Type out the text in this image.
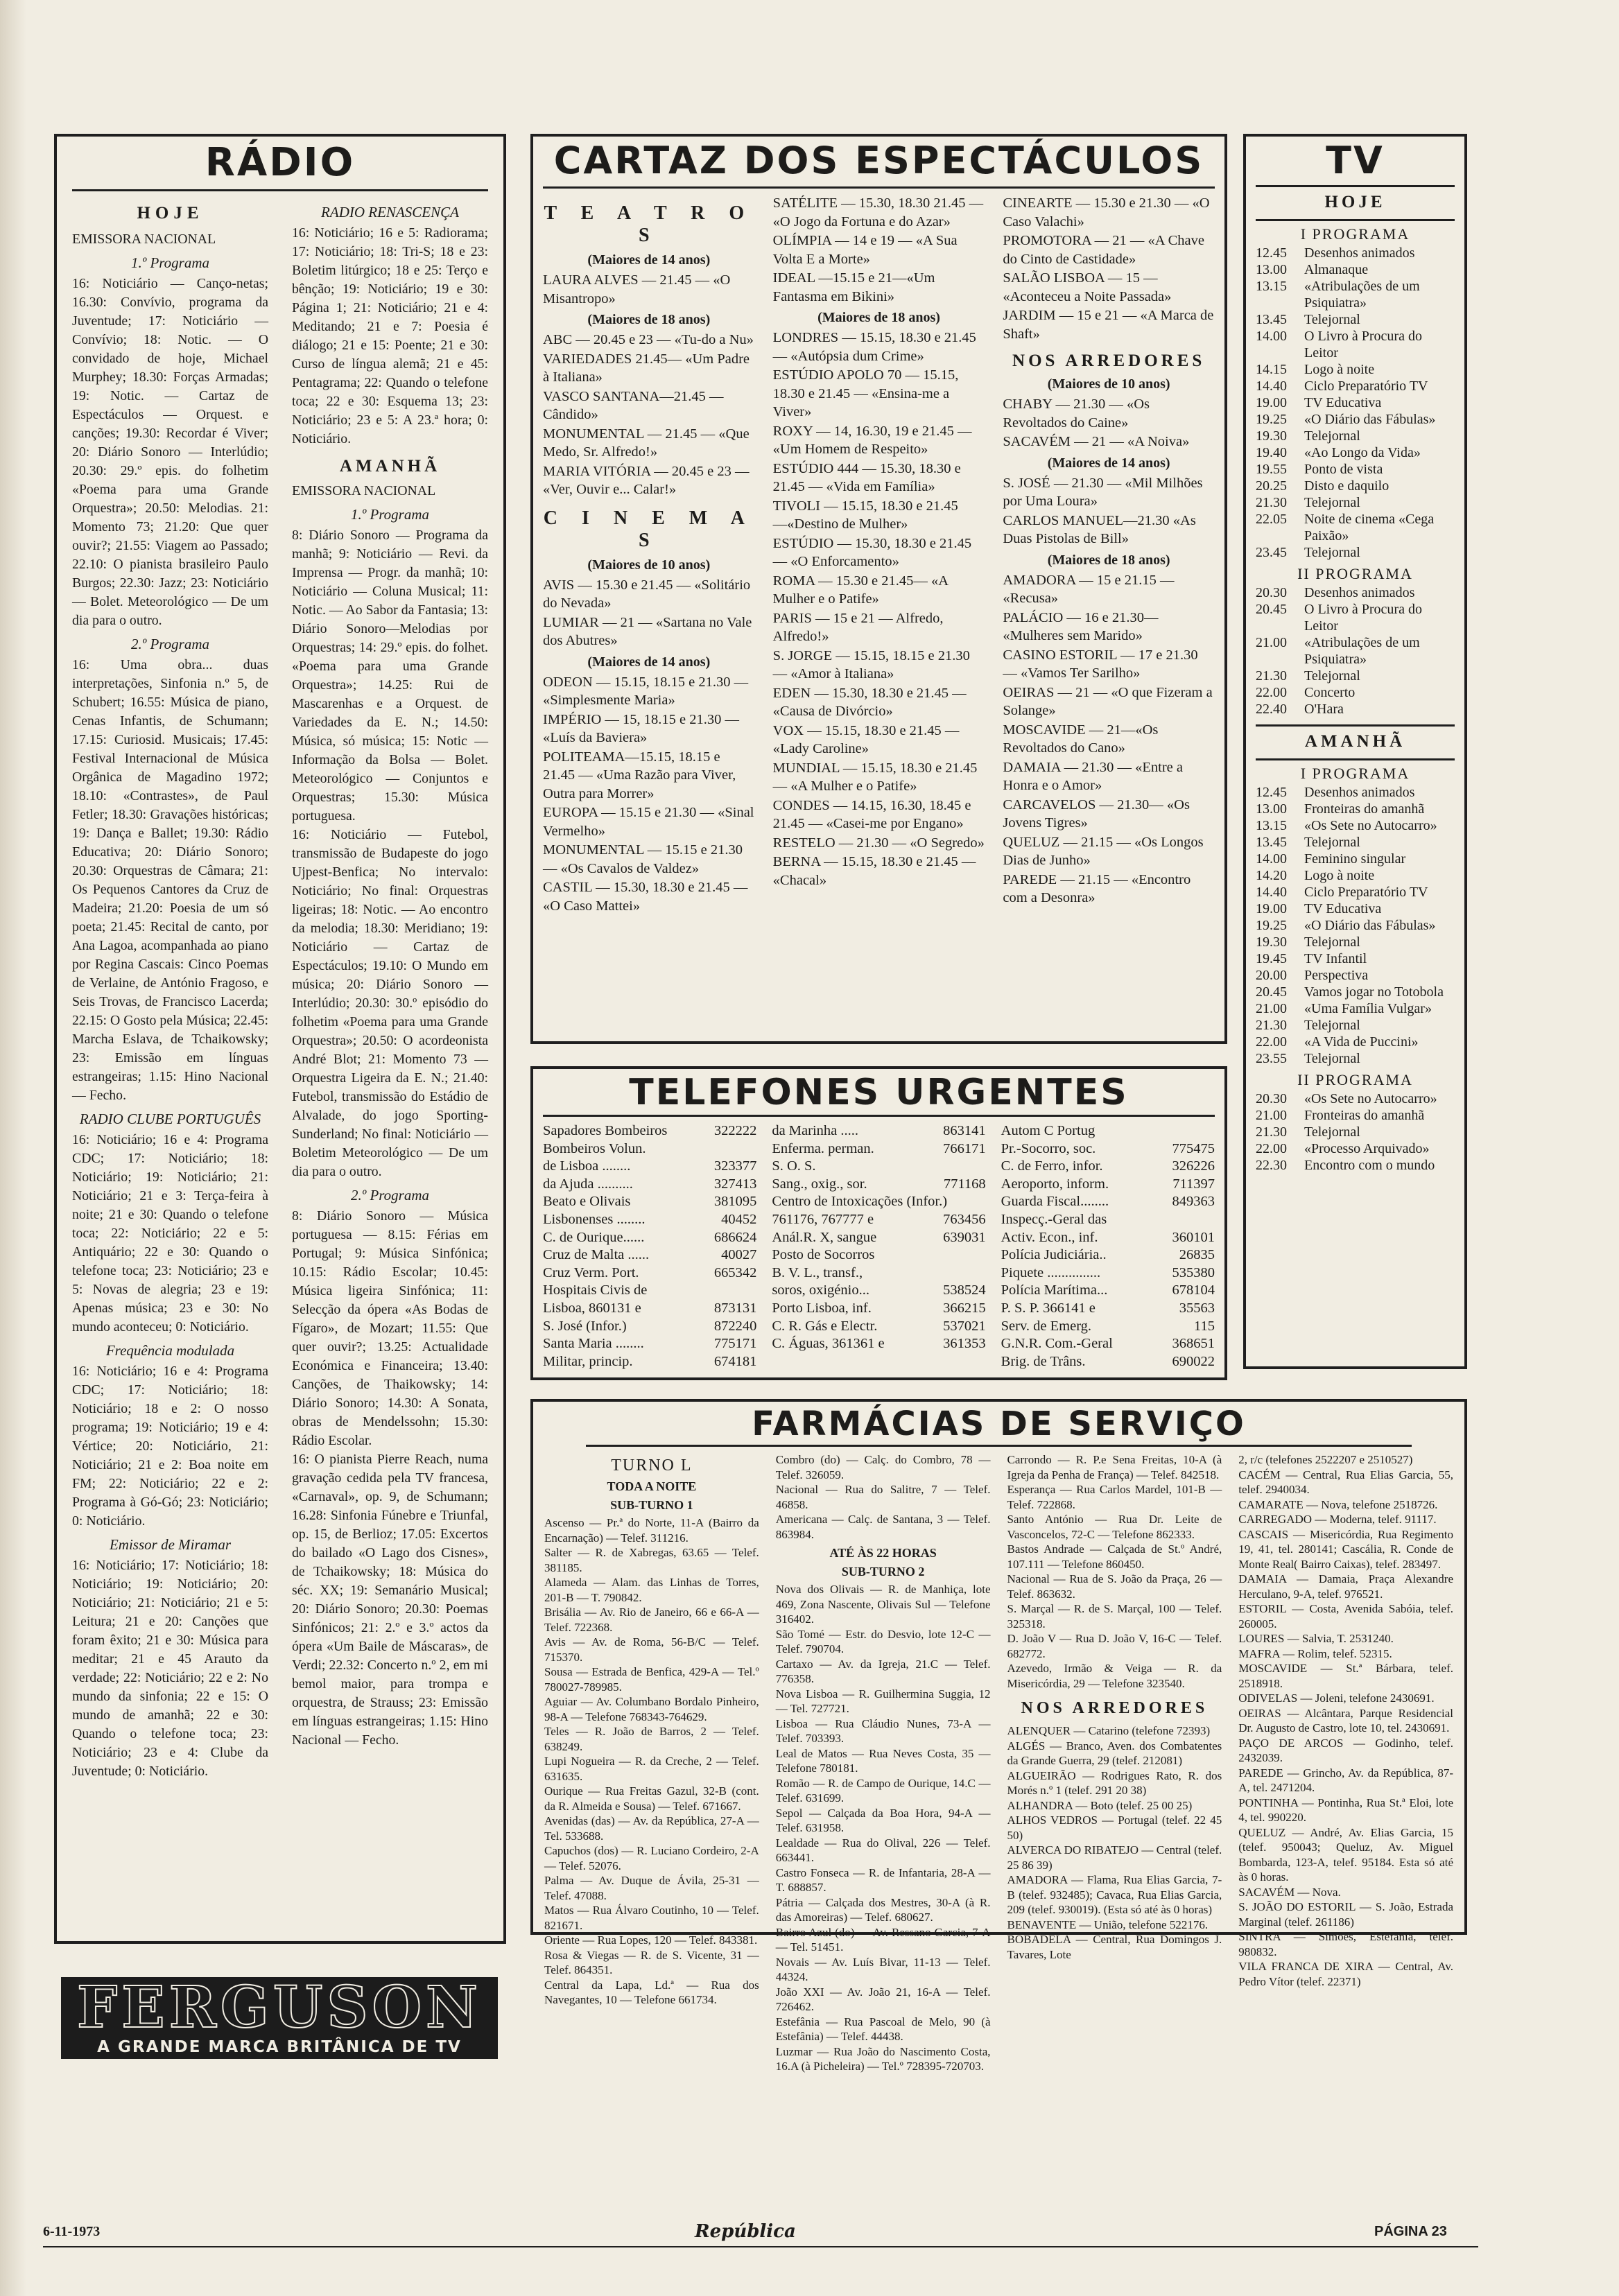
RÁDIO
HOJE
EMISSORA NACIONAL
1.º Programa
16: Noticiário — Canço-netas; 16.30: Convívio, programa da Juventude; 17: Noticiário — Convívio; 18: Notic. — O convidado de hoje, Michael Murphey; 18.30: Forças Armadas; 19: Notic. — Cartaz de Espectáculos — Orquest. e canções; 19.30: Recordar é Viver; 20: Diário Sonoro — Interlúdio; 20.30: 29.º epis. do folhetim «Poema para uma Grande Orquestra»; 20.50: Melodias. 21: Momento 73; 21.20: Que quer ouvir?; 21.55: Viagem ao Passado; 22.10: O pianista brasileiro Paulo Burgos; 22.30: Jazz; 23: Noticiário — Bolet. Meteorológico — De um dia para o outro.
2.º Programa
16: Uma obra... duas interpretações, Sinfonia n.º 5, de Schubert; 16.55: Música de piano, Cenas Infantis, de Schumann; 17.15: Curiosid. Musicais; 17.45: Festival Internacional de Música Orgânica de Magadino 1972; 18.10: «Contrastes», de Paul Fetler; 18.30: Gravações históricas; 19: Dança e Ballet; 19.30: Rádio Educativa; 20: Diário Sonoro; 20.30: Orquestras de Câmara; 21: Os Pequenos Cantores da Cruz de Madeira; 21.20: Poesia de um só poeta; 21.45: Recital de canto, por Ana Lagoa, acompanhada ao piano por Regina Cascais: Cinco Poemas de Verlaine, de António Fragoso, e Seis Trovas, de Francisco Lacerda; 22.15: O Gosto pela Música; 22.45: Marcha Eslava, de Tchaikowsky; 23: Emissão em línguas estrangeiras; 1.15: Hino Nacional — Fecho.
RADIO CLUBE PORTUGUÊS
16: Noticiário; 16 e 4: Programa CDC; 17: Noticiário; 18: Noticiário; 19: Noticiário; 21: Noticiário; 21 e 3: Terça-feira à noite; 21 e 30: Quando o telefone toca; 22: Noticiário; 22 e 5: Antiquário; 22 e 30: Quando o telefone toca; 23: Noticiário; 23 e 5: Novas de alegria; 23 e 19: Apenas música; 23 e 30: No mundo aconteceu; 0: Noticiário.
Frequência modulada
16: Noticiário; 16 e 4: Programa CDC; 17: Noticiário; 18: Noticiário; 18 e 2: O nosso programa; 19: Noticiário; 19 e 4: Vértice; 20: Noticiário, 21: Noticiário; 21 e 2: Boa noite em FM; 22: Noticiário; 22 e 2: Programa à Gó-Gó; 23: Noticiário; 0: Noticiário.
Emissor de Miramar
16: Noticiário; 17: Noticiário; 18: Noticiário; 19: Noticiário; 20: Noticiário; 21: Noticiário; 21 e 5: Leitura; 21 e 20: Canções que foram êxito; 21 e 30: Música para meditar; 21 e 45 Arauto da verdade; 22: Noticiário; 22 e 2: No mundo da sinfonia; 22 e 15: O mundo de amanhã; 22 e 30: Quando o telefone toca; 23: Noticiário; 23 e 4: Clube da Juventude; 0: Noticiário.
RADIO RENASCENÇA
16: Noticiário; 16 e 5: Radiorama; 17: Noticiário; 18: Tri-S; 18 e 23: Boletim litúrgico; 18 e 25: Terço e bênção; 19: Noticiário; 19 e 30: Página 1; 21: Noticiário; 21 e 4: Meditando; 21 e 7: Poesia é diálogo; 21 e 15: Poente; 21 e 30: Curso de língua alemã; 21 e 45: Pentagrama; 22: Quando o telefone toca; 22 e 30: Esquema 13; 23: Noticiário; 23 e 5: A 23.ª hora; 0: Noticiário.
AMANHÃ
EMISSORA NACIONAL
1.º Programa
8: Diário Sonoro — Programa da manhã; 9: Noticiário — Revi. da Imprensa — Progr. da manhã; 10: Noticiário — Coluna Musical; 11: Notic. — Ao Sabor da Fantasia; 13: Diário Sonoro—Melodias por Orquestras; 14: 29.º epis. do folhet. «Poema para uma Grande Orquestra»; 14.25: Rui de Mascarenhas e a Orquest. de Variedades da E. N.; 14.50: Música, só música; 15: Notic — Informação da Bolsa — Bolet. Meteorológico — Conjuntos e Orquestras; 15.30: Música portuguesa.
16: Noticiário — Futebol, transmissão de Budapeste do jogo Ujpest-Benfica; No intervalo: Noticiário; No final: Orquestras ligeiras; 18: Notic. — Ao encontro da melodia; 18.30: Meridiano; 19: Noticiário — Cartaz de Espectáculos; 19.10: O Mundo em música; 20: Diário Sonoro — Interlúdio; 20.30: 30.º episódio do folhetim «Poema para uma Grande Orquestra»; 20.50: O acordeonista André Blot; 21: Momento 73 — Orquestra Ligeira da E. N.; 21.40: Futebol, transmissão do Estádio de Alvalade, do jogo Sporting-Sunderland; No final: Noticiário — Boletim Meteorológico — De um dia para o outro.
2.º Programa
8: Diário Sonoro — Música portuguesa — 8.15: Férias em Portugal; 9: Música Sinfónica; 10.15: Rádio Escolar; 10.45: Música ligeira Sinfónica; 11: Selecção da ópera «As Bodas de Fígaro», de Mozart; 11.55: Que quer ouvir?; 13.25: Actualidade Económica e Financeira; 13.40: Canções, de Thaikowsky; 14: Diário Sonoro; 14.30: A Sonata, obras de Mendelssohn; 15.30: Rádio Escolar.
16: O pianista Pierre Reach, numa gravação cedida pela TV francesa, «Carnaval», op. 9, de Schumann; 16.28: Sinfonia Fúnebre e Triunfal, op. 15, de Berlioz; 17.05: Excertos do bailado «O Lago dos Cisnes», de Tchaikowsky; 18: Música do séc. XX; 19: Semanário Musical; 20: Diário Sonoro; 20.30: Poemas Sinfónicos; 21: 2.º e 3.º actos da ópera «Um Baile de Máscaras», de Verdi; 22.32: Concerto n.º 2, em mi bemol maior, para trompa e orquestra, de Strauss; 23: Emissão em línguas estrangeiras; 1.15: Hino Nacional — Fecho.
FERGUSON
A GRANDE MARCA BRITÂNICA DE TV
CARTAZ DOS ESPECTÁCULOS
T E A T R O S
(Maiores de 14 anos)
LAURA ALVES — 21.45 — «O Misantropo»
(Maiores de 18 anos)
ABC — 20.45 e 23 — «Tu-do a Nu»
VARIEDADES 21.45— «Um Padre à Italiana»
VASCO SANTANA—21.45 — Cândido»
MONUMENTAL — 21.45 — «Que Medo, Sr. Alfredo!»
MARIA VITÓRIA — 20.45 e 23 — «Ver, Ouvir e... Calar!»
C I N E M A S
(Maiores de 10 anos)
AVIS — 15.30 e 21.45 — «Solitário do Nevada»
LUMIAR — 21 — «Sartana no Vale dos Abutres»
(Maiores de 14 anos)
ODEON — 15.15, 18.15 e 21.30 — «Simplesmente Maria»
IMPÉRIO — 15, 18.15 e 21.30 — «Luís da Baviera»
POLITEAMA—15.15, 18.15 e 21.45 — «Uma Razão para Viver, Outra para Morrer»
EUROPA — 15.15 e 21.30 — «Sinal Vermelho»
MONUMENTAL — 15.15 e 21.30 — «Os Cavalos de Valdez»
CASTIL — 15.30, 18.30 e 21.45 — «O Caso Mattei»
SATÉLITE — 15.30, 18.30 21.45 — «O Jogo da Fortuna e do Azar»
OLÍMPIA — 14 e 19 — «A Sua Volta E a Morte»
IDEAL —15.15 e 21—«Um Fantasma em Bikini»
(Maiores de 18 anos)
LONDRES — 15.15, 18.30 e 21.45 — «Autópsia dum Crime»
ESTÚDIO APOLO 70 — 15.15, 18.30 e 21.45 — «Ensina-me a Viver»
ROXY — 14, 16.30, 19 e 21.45 — «Um Homem de Respeito»
ESTÚDIO 444 — 15.30, 18.30 e 21.45 — «Vida em Família»
TIVOLI — 15.15, 18.30 e 21.45 —«Destino de Mulher»
ESTÚDIO — 15.30, 18.30 e 21.45 — «O Enforcamento»
ROMA — 15.30 e 21.45— «A Mulher e o Patife»
PARIS — 15 e 21 — Alfredo, Alfredo!»
S. JORGE — 15.15, 18.15 e 21.30 — «Amor à Italiana»
EDEN — 15.30, 18.30 e 21.45 — «Causa de Divórcio»
VOX — 15.15, 18.30 e 21.45 — «Lady Caroline»
MUNDIAL — 15.15, 18.30 e 21.45 — «A Mulher e o Patife»
CONDES — 14.15, 16.30, 18.45 e 21.45 — «Casei-me por Engano»
RESTELO — 21.30 — «O Segredo»
BERNA — 15.15, 18.30 e 21.45 — «Chacal»
CINEARTE — 15.30 e 21.30 — «O Caso Valachi»
PROMOTORA — 21 — «A Chave do Cinto de Castidade»
SALÃO LISBOA — 15 — «Aconteceu a Noite Passada»
JARDIM — 15 e 21 — «A Marca de Shaft»
NOS ARREDORES
(Maiores de 10 anos)
CHABY — 21.30 — «Os Revoltados do Caine»
SACAVÉM — 21 — «A Noiva»
(Maiores de 14 anos)
S. JOSÉ — 21.30 — «Mil Milhões por Uma Loura»
CARLOS MANUEL—21.30 «As Duas Pistolas de Bill»
(Maiores de 18 anos)
AMADORA — 15 e 21.15 — «Recusa»
PALÁCIO — 16 e 21.30— «Mulheres sem Marido»
CASINO ESTORIL — 17 e 21.30 — «Vamos Ter Sarilho»
OEIRAS — 21 — «O que Fizeram a Solange»
MOSCAVIDE — 21—«Os Revoltados do Cano»
DAMAIA — 21.30 — «Entre a Honra e o Amor»
CARCAVELOS — 21.30— «Os Jovens Tigres»
QUELUZ — 21.15 — «Os Longos Dias de Junho»
PAREDE — 21.15 — «Encontro com a Desonra»
TELEFONES URGENTES
Sapadores Bombeiros	322222
Bombeiros Volun.
de Lisboa ........	323377
da Ajuda ..........	327413
Beato e Olivais	381095
Lisbonenses ........	40452
C. de Ourique......	686624
Cruz de Malta ......	40027
Cruz Verm. Port.	665342
Hospitais Civis de
Lisboa, 860131 e	873131
S. José (Infor.)	872240
Santa Maria ........	775171
Militar, princip.	674181
da Marinha .....	863141
Enferma. perman.	766171
S. O. S.
Sang., oxig., sor.	771168
Centro de Intoxicações (Infor.)
761176, 767777 e	763456
Anál.R. X, sangue	639031
Posto de Socorros
B. V. L., transf.,
soros, oxigénio...	538524
Porto Lisboa, inf.	366215
C. R. Gás e Electr.	537021
C. Águas, 361361 e	361353
Autom C Portug
Pr.-Socorro, soc.	775475
C. de Ferro, infor.	326226
Aeroporto, inform.	711397
Guarda Fiscal........	849363
Inspecç.-Geral das
Activ. Econ., inf.	360101
Polícia Judiciária..	26835
Piquete ...............	535380
Polícia Marítima...	678104
P. S. P. 366141 e	35563
Serv. de Emerg.	115
G.N.R. Com.-Geral	368651
Brig. de Trâns.	690022
TV
HOJE
I PROGRAMA
12.45	Desenhos animados
13.00	Almanaque
13.15	«Atribulações de um Psiquiatra»
13.45	Telejornal
14.00	O Livro à Procura do Leitor
14.15	Logo à noite
14.40	Ciclo Preparatório TV
19.00	TV Educativa
19.25	«O Diário das Fábulas»
19.30	Telejornal
19.40	«Ao Longo da Vida»
19.55	Ponto de vista
20.25	Disto e daquilo
21.30	Telejornal
22.05	Noite de cinema «Cega Paixão»
23.45	Telejornal
II PROGRAMA
20.30	Desenhos animados
20.45	O Livro à Procura do Leitor
21.00	«Atribulações de um Psiquiatra»
21.30	Telejornal
22.00	Concerto
22.40	O'Hara
AMANHÃ
I PROGRAMA
12.45	Desenhos animados
13.00	Fronteiras do amanhã
13.15	«Os Sete no Autocarro»
13.45	Telejornal
14.00	Feminino singular
14.20	Logo à noite
14.40	Ciclo Preparatório TV
19.00	TV Educativa
19.25	«O Diário das Fábulas»
19.30	Telejornal
19.45	TV Infantil
20.00	Perspectiva
20.45	Vamos jogar no Totobola
21.00	«Uma Família Vulgar»
21.30	Telejornal
22.00	«A Vida de Puccini»
23.55	Telejornal
II PROGRAMA
20.30	«Os Sete no Autocarro»
21.00	Fronteiras do amanhã
21.30	Telejornal
22.00	«Processo Arquivado»
22.30	Encontro com o mundo
FARMÁCIAS DE SERVIÇO
TURNO L
TODA A NOITE
SUB-TURNO 1
Ascenso — Pr.ª do Norte, 11-A (Bairro da Encarnação) — Telef. 311216.
Salter — R. de Xabregas, 63.65 — Telef. 381185.
Alameda — Alam. das Linhas de Torres, 201-B — T. 790842.
Brisália — Av. Rio de Janeiro, 66 e 66-A — Telef. 722368.
Avis — Av. de Roma, 56-B/C — Telef. 715370.
Sousa — Estrada de Benfica, 429-A — Tel.º 780027-789985.
Aguiar — Av. Columbano Bordalo Pinheiro, 98-A — Telefone 768343-764629.
Teles — R. João de Barros, 2 — Telef. 638249.
Lupi Nogueira — R. da Creche, 2 — Telef. 631635.
Ourique — Rua Freitas Gazul, 32-B (cont. da R. Almeida e Sousa) — Telef. 671667.
Avenidas (das) — Av. da República, 27-A — Tel. 533688.
Capuchos (dos) — R. Luciano Cordeiro, 2-A — Telef. 52076.
Palma — Av. Duque de Ávila, 25-31 — Telef. 47088.
Matos — Rua Álvaro Coutinho, 10 — Telef. 821671.
Oriente — Rua Lopes, 120 — Telef. 843381.
Rosa & Viegas — R. de S. Vicente, 31 — Telef. 864351.
Central da Lapa, Ld.ª — Rua dos Navegantes, 10 — Telefone 661734.
Combro (do) — Calç. do Combro, 78 — Telef. 326059.
Nacional — Rua do Salitre, 7 — Telef. 46858.
Americana — Calç. de Santana, 3 — Telef. 863984.
ATÉ ÀS 22 HORAS
SUB-TURNO 2
Nova dos Olivais — R. de Manhiça, lote 469, Zona Nascente, Olivais Sul — Telefone 316402.
São Tomé — Estr. do Desvio, lote 12-C — Telef. 790704.
Cartaxo — Av. da Igreja, 21.C — Telef. 776358.
Nova Lisboa — R. Guilhermina Suggia, 12 — Tel. 727721.
Lisboa — Rua Cláudio Nunes, 73-A — Telef. 703393.
Leal de Matos — Rua Neves Costa, 35 — Telefone 780181.
Romão — R. de Campo de Ourique, 14.C — Telef. 631699.
Sepol — Calçada da Boa Hora, 94-A — Telef. 631958.
Lealdade — Rua do Olival, 226 — Telef. 663441.
Castro Fonseca — R. de Infantaria, 28-A — T. 688857.
Pátria — Calçada dos Mestres, 30-A (à R. das Amoreiras) — Telef. 680627.
Bairro Azul (do) — Av. Ressano Garcia, 7-A — Tel. 51451.
Novais — Av. Luís Bivar, 11-13 — Telef. 44324.
João XXI — Av. João 21, 16-A — Telef. 726462.
Estefânia — Rua Pascoal de Melo, 90 (à Estefânia) — Telef. 44438.
Luzmar — Rua João do Nascimento Costa, 16.A (à Picheleira) — Tel.º 728395-720703.
Carrondo — R. P.e Sena Freitas, 10-A (à Igreja da Penha de França) — Telef. 842518.
Esperança — Rua Carlos Mardel, 101-B — Telef. 722868.
Santo António — Rua Dr. Leite de Vasconcelos, 72-C — Telefone 862333.
Bastos Andrade — Calçada de St.º André, 107.111 — Telefone 860450.
Nacional — Rua de S. João da Praça, 26 — Telef. 863632.
S. Marçal — R. de S. Marçal, 100 — Telef. 325318.
D. João V — Rua D. João V, 16-C — Telef. 682772.
Azevedo, Irmão & Veiga — R. da Misericórdia, 29 — Telefone 323540.
NOS ARREDORES
ALENQUER — Catarino (telefone 72393)
ALGÉS — Branco, Aven. dos Combatentes da Grande Guerra, 29 (telef. 212081)
ALGUEIRÃO — Rodrigues Rato, R. dos Morés n.º 1 (telef. 291 20 38)
ALHANDRA — Boto (telef. 25 00 25)
ALHOS VEDROS — Portugal (telef. 22 45 50)
ALVERCA DO RIBATEJO — Central (telef. 25 86 39)
AMADORA — Flama, Rua Elias Garcia, 7-B (telef. 932485); Cavaca, Rua Elias Garcia, 209 (telef. 930019). (Esta só até às 0 horas)
BENAVENTE — União, telefone 522176.
BOBADELA — Central, Rua Domingos J. Tavares, Lote
2, r/c (telefones 2522207 e 2510527)
CACÉM — Central, Rua Elias Garcia, 55, telef. 2940034.
CAMARATE — Nova, telefone 2518726.
CARREGADO — Moderna, telef. 91117.
CASCAIS — Misericórdia, Rua Regimento 19, 41, tel. 280141; Cascália, R. Conde de Monte Real( Bairro Caixas), telef. 283497.
DAMAIA — Damaia, Praça Alexandre Herculano, 9-A, telef. 976521.
ESTORIL — Costa, Avenida Sabóia, telef. 260005.
LOURES — Salvia, T. 2531240.
MAFRA — Rolim, telef. 52315.
MOSCAVIDE — St.ª Bárbara, telef. 2518918.
ODIVELAS — Joleni, telefone 2430691.
OEIRAS — Alcântara, Parque Residencial Dr. Augusto de Castro, lote 10, tel. 2430691.
PAÇO DE ARCOS — Godinho, telef. 2432039.
PAREDE — Grincho, Av. da República, 87-A, tel. 2471204.
PONTINHA — Pontinha, Rua St.ª Eloi, lote 4, tel. 990220.
QUELUZ — André, Av. Elias Garcia, 15 (telef. 950043; Queluz, Av. Miguel Bombarda, 123-A, telef. 95184. Esta só até às 0 horas.
SACAVÉM — Nova.
S. JOÃO DO ESTORIL — S. João, Estrada Marginal (telef. 261186)
SINTRA — Simões, Estefânia, telef. 980832.
VILA FRANCA DE XIRA — Central, Av. Pedro Vítor (telef. 22371)
6-11-1973	República	PÁGINA 23
